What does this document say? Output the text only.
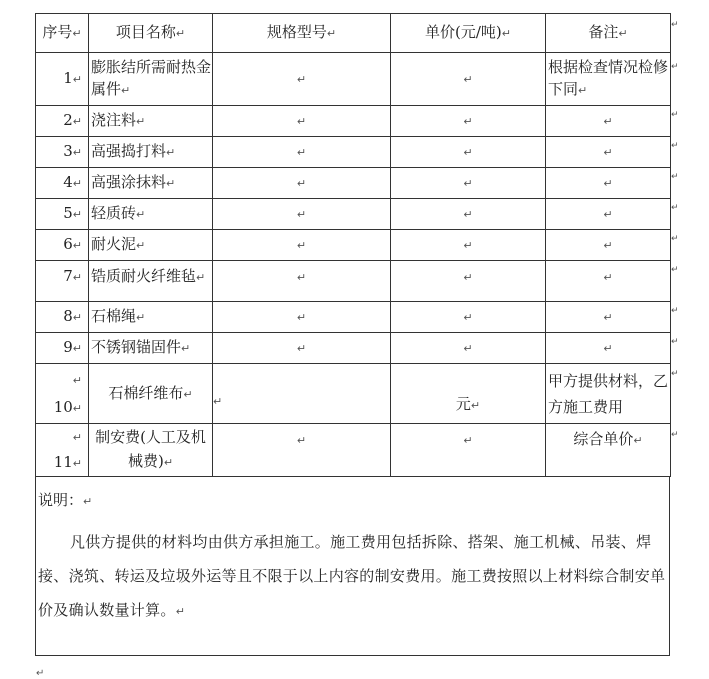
序号↵	项目名称↵	规格型号↵	单价(元/吨)↵	备注↵
1↵	膨胀结所需耐热金属件↵	↵	↵	根据检查情况检修下同↵
2↵	浇注料↵	↵	↵	↵
3↵	高强捣打料↵	↵	↵	↵
4↵	高强涂抹料↵	↵	↵	↵
5↵	轻质砖↵	↵	↵	↵
6↵	耐火泥↵	↵	↵	↵
7↵	锆质耐火纤维毡↵	↵	↵	↵
8↵	石棉绳↵	↵	↵	↵
9↵	不锈钢锚固件↵	↵	↵	↵

↵
10↵	石棉纤维布↵	↵	元↵	甲方提供材料，乙方施工费用

↵
11↵	制安费(人工及机械费)↵	↵	↵	综合单价↵
说明：↵
凡供方提供的材料均由供方承担施工。施工费用包括拆除、搭架、施工机械、吊装、焊接、浇筑、转运及垃圾外运等且不限于以上内容的制安费用。施工费按照以上材料综合制安单价及确认数量计算。↵
↵
↵
↵
↵
↵
↵
↵
↵
↵
↵
↵
↵
↵
